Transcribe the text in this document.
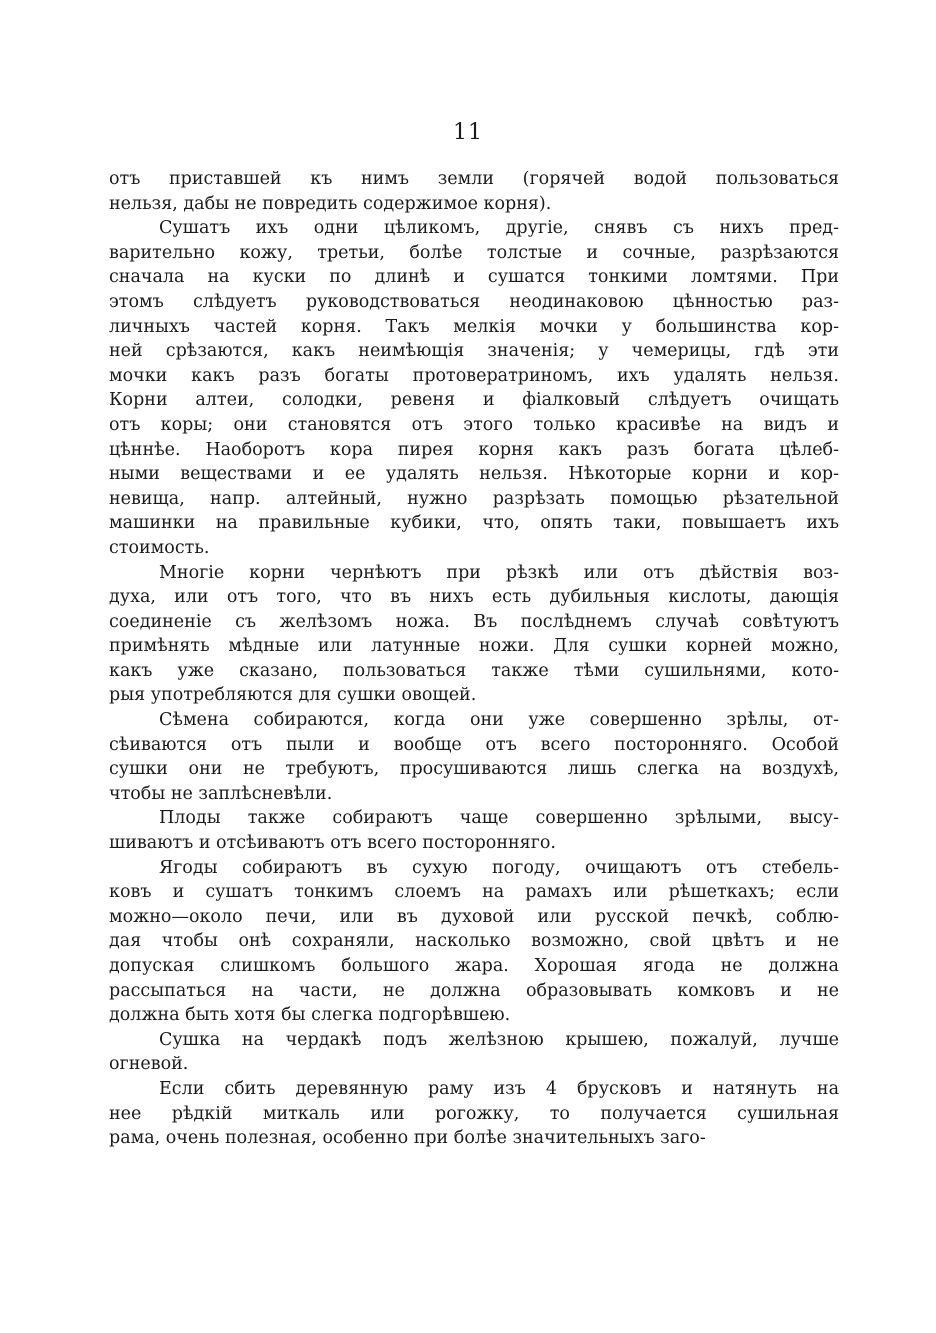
11
отъ приставшей къ нимъ земли (горячей водой пользоваться
нельзя, дабы не повредить содержимое корня).
Сушатъ ихъ одни цѣликомъ, другіе, снявъ съ нихъ пред-
варительно кожу, третьи, болѣе толстые и сочные, разрѣзаются
сначала на куски по длинѣ и сушатся тонкими ломтями. При
этомъ слѣдуетъ руководствоваться неодинаковою цѣнностью раз-
личныхъ частей корня. Такъ мелкія мочки у большинства кор-
ней срѣзаются, какъ неимѣющія значенія; у чемерицы, гдѣ эти
мочки какъ разъ богаты протовератриномъ, ихъ удалять нельзя.
Корни алтеи, солодки, ревеня и фіалковый слѣдуетъ очищать
отъ коры; они становятся отъ этого только красивѣе на видъ и
цѣннѣе. Наоборотъ кора пирея корня какъ разъ богата цѣлеб-
ными веществами и ее удалять нельзя. Нѣкоторые корни и кор-
невища, напр. алтейный, нужно разрѣзать помощью рѣзательной
машинки на правильные кубики, что, опять таки, повышаетъ ихъ
стоимость.
Многіе корни чернѣютъ при рѣзкѣ или отъ дѣйствія воз-
духа, или отъ того, что въ нихъ есть дубильныя кислоты, дающія
соединеніе съ желѣзомъ ножа. Въ послѣднемъ случаѣ совѣтуютъ
примѣнять мѣдные или латунные ножи. Для сушки корней можно,
какъ уже сказано, пользоваться также тѣми сушильнями, кото-
рыя употребляются для сушки овощей.
Сѣмена собираются, когда они уже совершенно зрѣлы, от-
сѣиваются отъ пыли и вообще отъ всего посторонняго. Особой
сушки они не требуютъ, просушиваются лишь слегка на воздухѣ,
чтобы не заплѣсневѣли.
Плоды также собираютъ чаще совершенно зрѣлыми, высу-
шиваютъ и отсѣиваютъ отъ всего посторонняго.
Ягоды собираютъ въ сухую погоду, очищаютъ отъ стебель-
ковъ и сушатъ тонкимъ слоемъ на рамахъ или рѣшеткахъ; если
можно—около печи, или въ духовой или русской печкѣ, соблю-
дая чтобы онѣ сохраняли, насколько возможно, свой цвѣтъ и не
допуская слишкомъ большого жара. Хорошая ягода не должна
рассыпаться на части, не должна образовывать комковъ и не
должна быть хотя бы слегка подгорѣвшею.
Сушка на чердакѣ подъ желѣзною крышею, пожалуй, лучше
огневой.
Если сбить деревянную раму изъ 4 брусковъ и натянуть на
нее рѣдкій миткаль или рогожку, то получается сушильная
рама, очень полезная, особенно при болѣе значительныхъ заго-
